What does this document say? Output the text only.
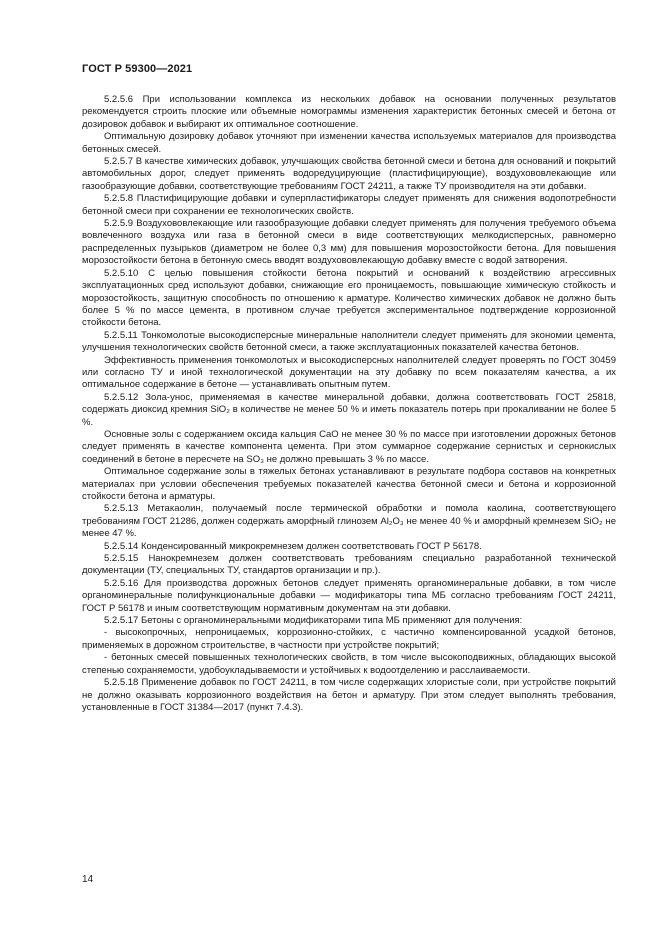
ГОСТ Р 59300—2021

5.2.5.6 При использовании комплекса из нескольких добавок на основании полученных результатов рекомендуется строить плоские или объемные номограммы изменения характеристик бетонных смесей и бетона от дозировок добавок и выбирают их оптимальное соотношение.

Оптимальную дозировку добавок уточняют при изменении качества используемых материалов для производства бетонных смесей.

5.2.5.7 В качестве химических добавок, улучшающих свойства бетонной смеси и бетона для оснований и покрытий автомобильных дорог, следует применять водоредуцирующие (пластифицирующие), воздухововлекающие или газообразующие добавки, соответствующие требованиям ГОСТ 24211, а также ТУ производителя на эти добавки.

5.2.5.8 Пластифицирующие добавки и суперпластификаторы следует применять для снижения водопотребности бетонной смеси при сохранении ее технологических свойств.

5.2.5.9 Воздухововлекающие или газообразующие добавки следует применять для получения требуемого объема вовлеченного воздуха или газа в бетонной смеси в виде соответствующих мелкодисперсных, равномерно распределенных пузырьков (диаметром не более 0,3 мм) для повышения морозостойкости бетона. Для повышения морозостойкости бетона в бетонную смесь вводят воздухововлекающую добавку вместе с водой затворения.

5.2.5.10 С целью повышения стойкости бетона покрытий и оснований к воздействию агрессивных эксплуатационных сред используют добавки, снижающие его проницаемость, повышающие химическую стойкость и морозостойкость, защитную способность по отношению к арматуре. Количество химических добавок не должно быть более 5 % по массе цемента, в противном случае требуется экспериментальное подтверждение коррозионной стойкости бетона.

5.2.5.11 Тонкомолотые высокодисперсные минеральные наполнители следует применять для экономии цемента, улучшения технологических свойств бетонной смеси, а также эксплуатационных показателей качества бетонов.

Эффективность применения тонкомолотых и высокодисперсных наполнителей следует проверять по ГОСТ 30459 или согласно ТУ и иной технологической документации на эту добавку по всем показателям качества, а их оптимальное содержание в бетоне — устанавливать опытным путем.

5.2.5.12 Зола-унос, применяемая в качестве минеральной добавки, должна соответствовать ГОСТ 25818, содержать диоксид кремния SiO₂ в количестве не менее 50 % и иметь показатель потерь при прокаливании не более 5 %.

Основные золы с содержанием оксида кальция CaO не менее 30 % по массе при изготовлении дорожных бетонов следует применять в качестве компонента цемента. При этом суммарное содержание сернистых и сернокислых соединений в бетоне в пересчете на SO₃ не должно превышать 3 % по массе.

Оптимальное содержание золы в тяжелых бетонах устанавливают в результате подбора составов на конкретных материалах при условии обеспечения требуемых показателей качества бетонной смеси и бетона и коррозионной стойкости бетона и арматуры.

5.2.5.13 Метакаолин, получаемый после термической обработки и помола каолина, соответствующего требованиям ГОСТ 21286, должен содержать аморфный глинозем Al₂O₃ не менее 40 % и аморфный кремнезем SiO₂ не менее 47 %.

5.2.5.14 Конденсированный микрокремнезем должен соответствовать ГОСТ Р 56178.

5.2.5.15 Нанокремнезем должен соответствовать требованиям специально разработанной технической документации (ТУ, специальных ТУ, стандартов организации и пр.).

5.2.5.16 Для производства дорожных бетонов следует применять органоминеральные добавки, в том числе органоминеральные полифункциональные добавки — модификаторы типа МБ согласно требованиям ГОСТ 24211, ГОСТ Р 56178 и иным соответствующим нормативным документам на эти добавки.

5.2.5.17 Бетоны с органоминеральными модификаторами типа МБ применяют для получения:

- высокопрочных, непроницаемых, коррозионно-стойких, с частично компенсированной усадкой бетонов, применяемых в дорожном строительстве, в частности при устройстве покрытий;

- бетонных смесей повышенных технологических свойств, в том числе высокоподвижных, обладающих высокой степенью сохраняемости, удобоукладываемости и устойчивых к водоотделению и расслаиваемости.

5.2.5.18 Применение добавок по ГОСТ 24211, в том числе содержащих хлористые соли, при устройстве покрытий не должно оказывать коррозионного воздействия на бетон и арматуру. При этом следует выполнять требования, установленные в ГОСТ 31384—2017 (пункт 7.4.3).

14
